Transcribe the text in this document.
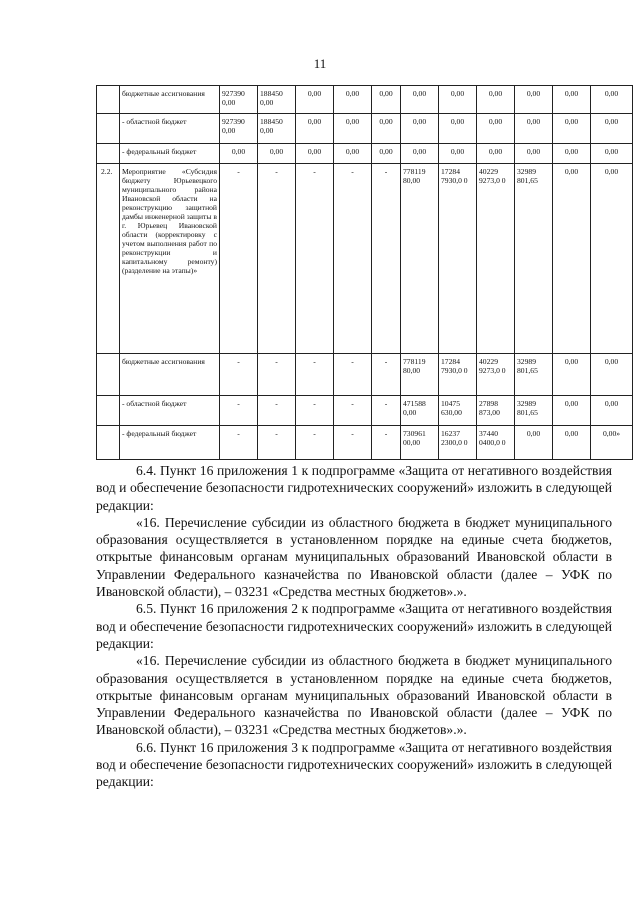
11
	бюджетные ассигнования	927390 0,00	188450 0,00	0,00	0,00	0,00	0,00	0,00	0,00	0,00	0,00	0,00
	- областной бюджет	927390 0,00	188450 0,00	0,00	0,00	0,00	0,00	0,00	0,00	0,00	0,00	0,00
	- федеральный бюджет	0,00	0,00	0,00	0,00	0,00	0,00	0,00	0,00	0,00	0,00	0,00
2.2.	Мероприятие «Субсидия бюджету Юрьевецкого муниципального района Ивановской области на реконструкцию защитной дамбы инженерной защиты в г. Юрьевец Ивановской области (корректировку с учетом выполнения работ по реконструкции и капитальному ремонту) (разделение на этапы)»	-	-	-	-	-	778119 80,00	17284 7930,0 0	40229 9273,0 0	32989 801,65	0,00	0,00
	бюджетные ассигнования	-	-	-	-	-	778119 80,00	17284 7930,0 0	40229 9273,0 0	32989 801,65	0,00	0,00
	- областной бюджет	-	-	-	-	-	471588 0,00	10475 630,00	27898 873,00	32989 801,65	0,00	0,00
	- федеральный бюджет	-	-	-	-	-	730961 00,00	16237 2300,0 0	37440 0400,0 0	0,00	0,00	0,00»

6.4. Пункт 16 приложения 1 к подпрограмме «Защита от негативного воздействия вод и обеспечение безопасности гидротехнических сооружений» изложить в следующей редакции:

«16. Перечисление субсидии из областного бюджета в бюджет муниципального образования осуществляется в установленном порядке на единые счета бюджетов, открытые финансовым органам муниципальных образований Ивановской области в Управлении Федерального казначейства по Ивановской области (далее – УФК по Ивановской области), – 03231 «Средства местных бюджетов».».

6.5. Пункт 16 приложения 2 к подпрограмме «Защита от негативного воздействия вод и обеспечение безопасности гидротехнических сооружений» изложить в следующей редакции:

«16. Перечисление субсидии из областного бюджета в бюджет муниципального образования осуществляется в установленном порядке на единые счета бюджетов, открытые финансовым органам муниципальных образований Ивановской области в Управлении Федерального казначейства по Ивановской области (далее – УФК по Ивановской области), – 03231 «Средства местных бюджетов».».

6.6. Пункт 16 приложения 3 к подпрограмме «Защита от негативного воздействия вод и обеспечение безопасности гидротехнических сооружений» изложить в следующей редакции:
